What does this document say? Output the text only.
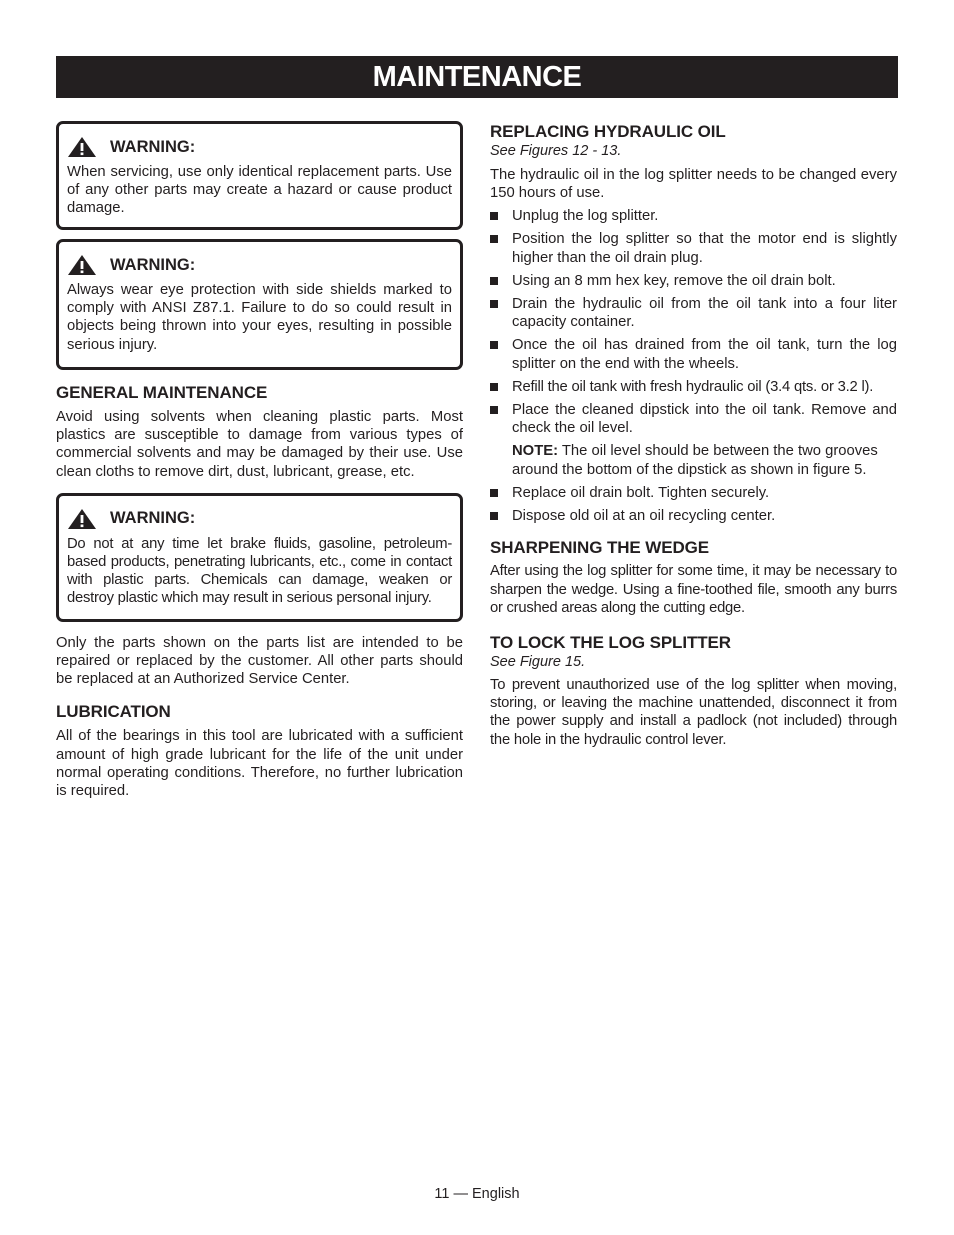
MAINTENANCE
WARNING:

When servicing, use only identical replacement parts. Use of any other parts may create a hazard or cause product damage.

WARNING:

Always wear eye protection with side shields marked to comply with ANSI Z87.1. Failure to do so could result in objects being thrown into your eyes, resulting in possible serious injury.

GENERAL MAINTENANCE

Avoid using solvents when cleaning plastic parts. Most plastics are susceptible to damage from various types of commercial solvents and may be damaged by their use. Use clean cloths to remove dirt, dust, lubricant, grease, etc.

WARNING:

Do not at any time let brake fluids, gasoline, petroleum-based products, penetrating lubricants, etc., come in contact with plastic parts. Chemicals can damage, weaken or destroy plastic which may result in serious personal injury.

Only the parts shown on the parts list are intended to be repaired or replaced by the customer. All other parts should be replaced at an Authorized Service Center.

LUBRICATION

All of the bearings in this tool are lubricated with a sufficient amount of high grade lubricant for the life of the unit under normal operating conditions. Therefore, no further lubrication is required.

REPLACING HYDRAULIC OIL

See Figures 12 - 13.

The hydraulic oil in the log splitter needs to be changed every 150 hours of use.

Unplug the log splitter.
Position the log splitter so that the motor end is slightly higher than the oil drain plug.
Using an 8 mm hex key, remove the oil drain bolt.
Drain the hydraulic oil from the oil tank into a four liter capacity container.
Once the oil has drained from the oil tank, turn the log splitter on the end with the wheels.
Refill the oil tank with fresh hydraulic oil (3.4 qts. or 3.2 l).
Place the cleaned dipstick into the oil tank. Remove and check the oil level.
NOTE: The oil level should be between the two grooves around the bottom of the dipstick as shown in figure 5.
Replace oil drain bolt. Tighten securely.
Dispose old oil at an oil recycling center.
SHARPENING THE WEDGE

After using the log splitter for some time, it may be necessary to sharpen the wedge. Using a fine-toothed file, smooth any burrs or crushed areas along the cutting edge.

TO LOCK THE LOG SPLITTER

See Figure 15.

To prevent unauthorized use of the log splitter when moving, storing, or leaving the machine unattended, disconnect it from the power supply and install a padlock (not included) through the hole in the hydraulic control lever.

11 — English
